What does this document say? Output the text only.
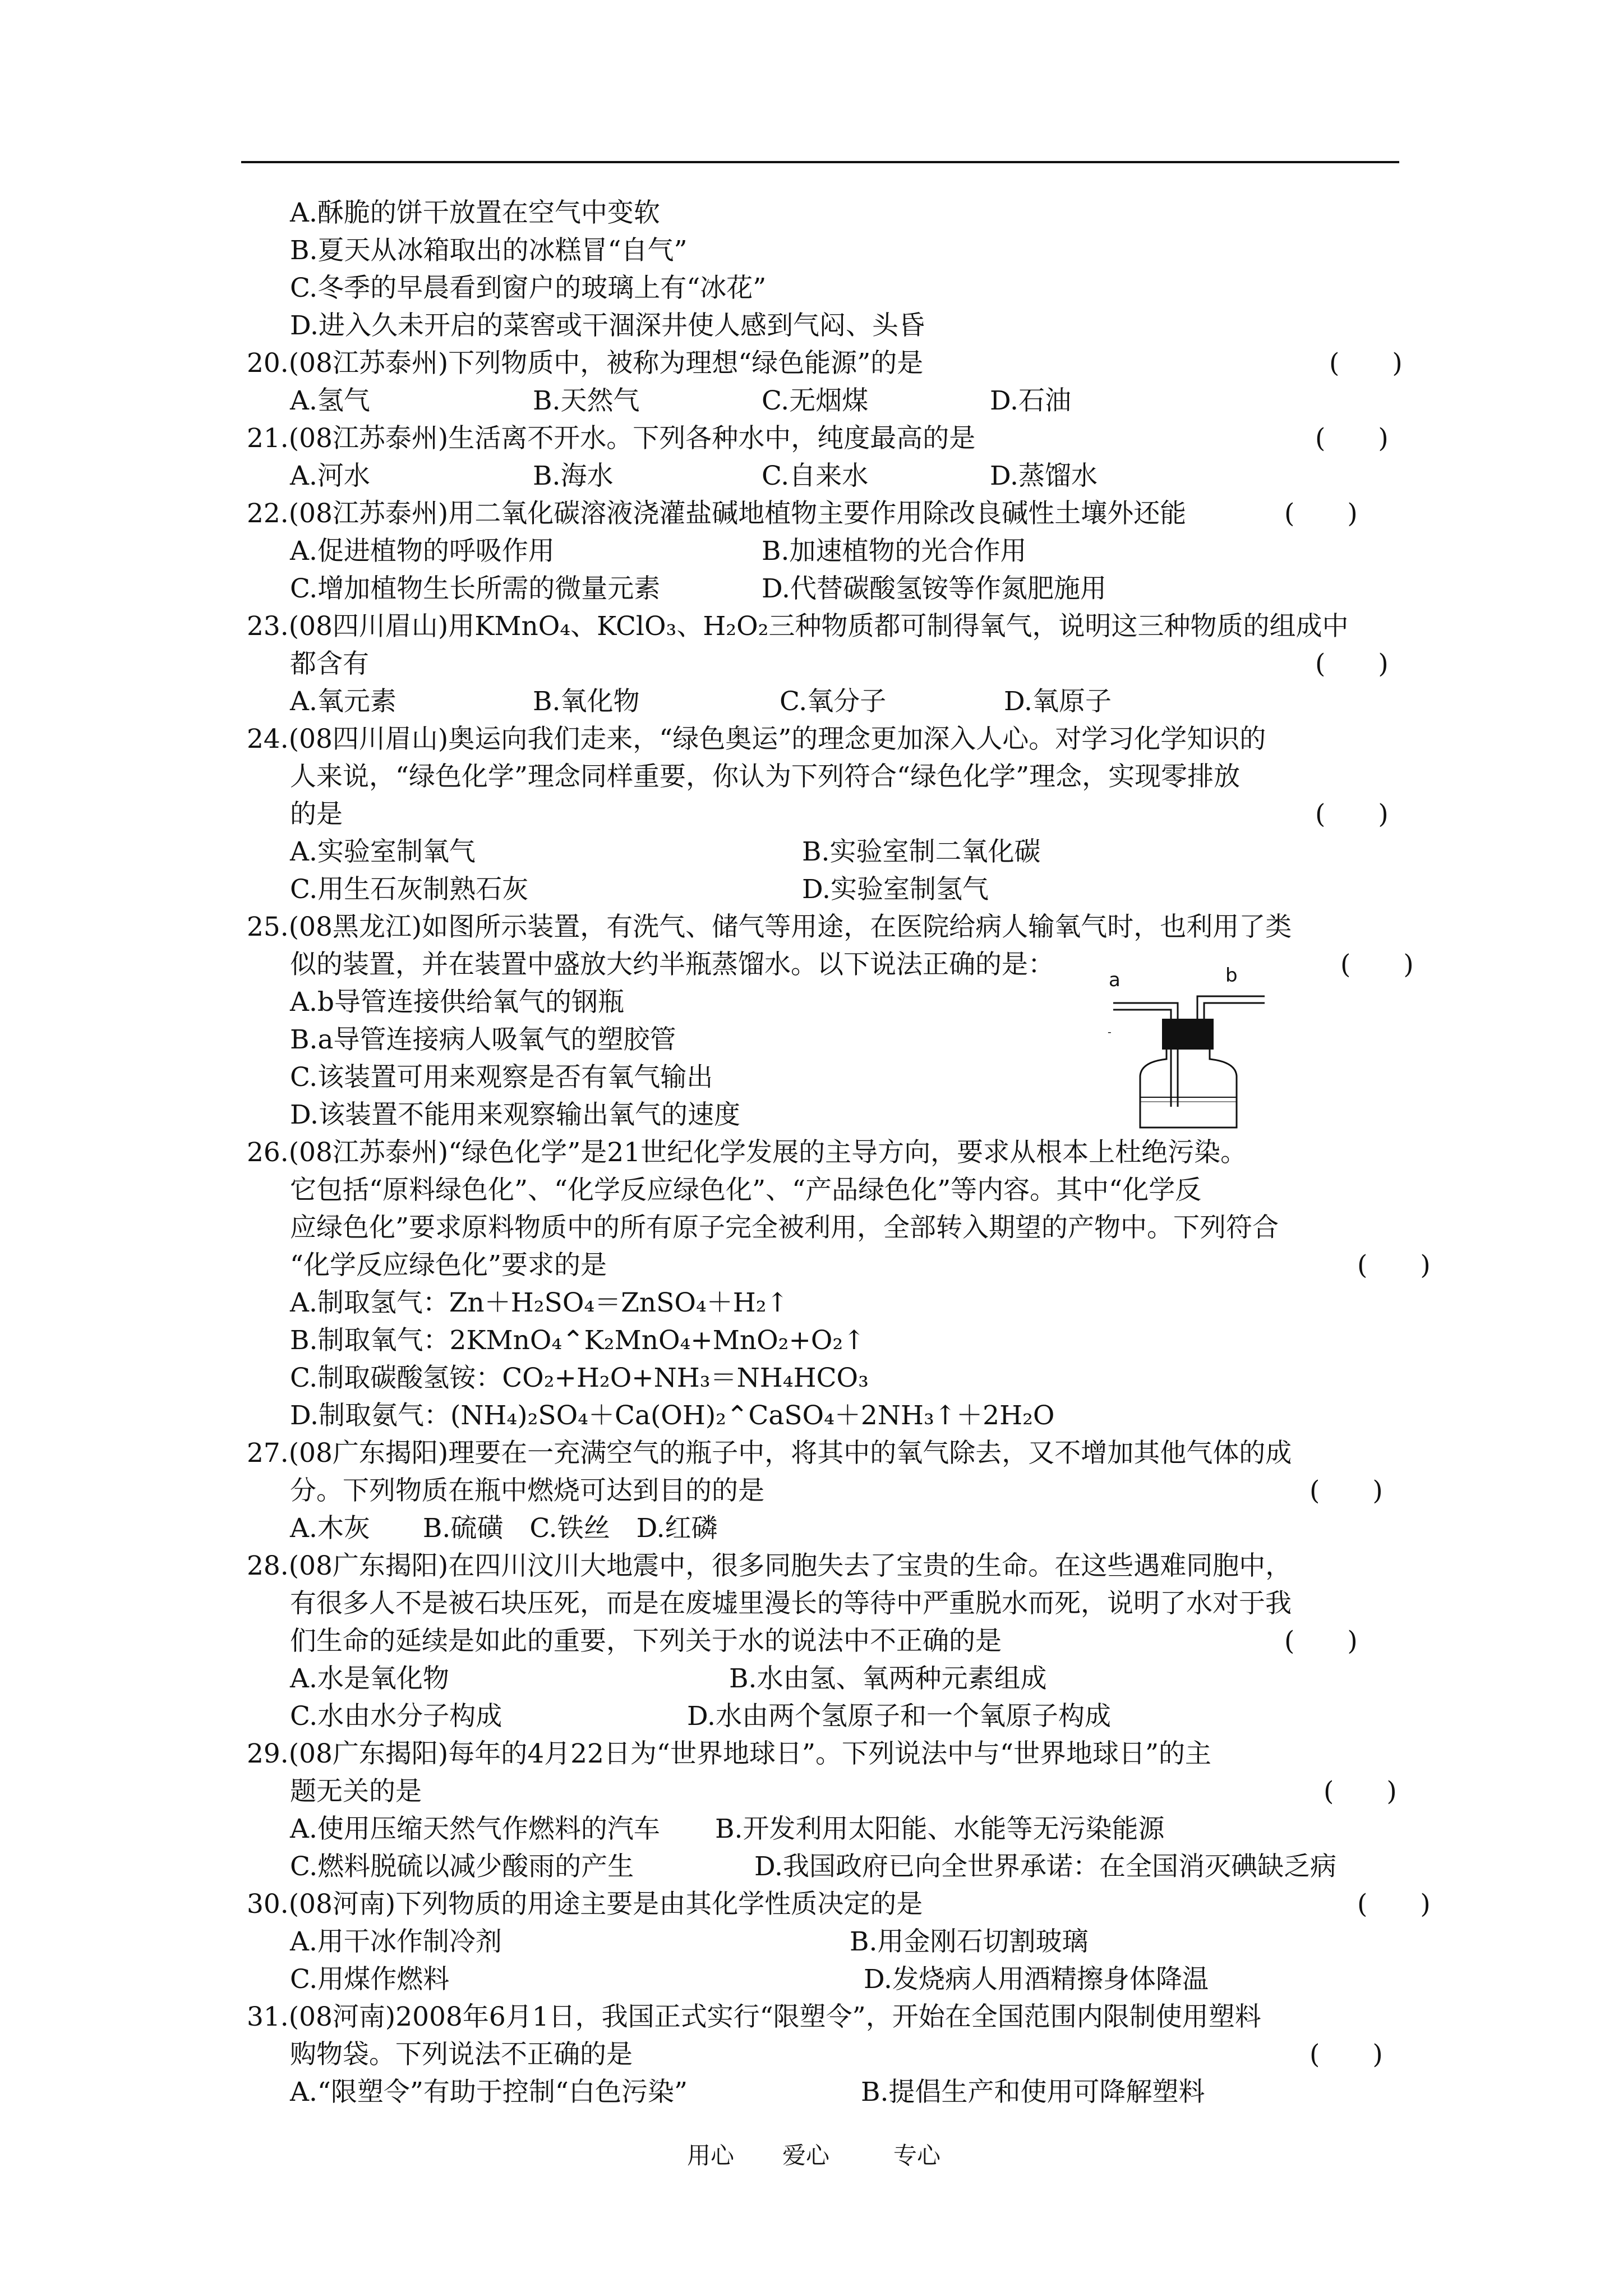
A.酥脆的饼干放置在空气中变软
B.夏天从冰箱取出的冰糕冒“自气”
C.冬季的早晨看到窗户的玻璃上有“冰花”
D.进入久未开启的菜窖或干涸深井使人感到气闷、头昏
20.(08江苏泰州)下列物质中，被称为理想“绿色能源”的是	(　　)
A.氢气	B.天然气	C.无烟煤	D.石油
21.(08江苏泰州)生活离不开水。下列各种水中，纯度最高的是	(　　)
A.河水	B.海水	C.自来水	D.蒸馏水
22.(08江苏泰州)用二氧化碳溶液浇灌盐碱地植物主要作用除改良碱性土壤外还能	(　　)
A.促进植物的呼吸作用	B.加速植物的光合作用
C.增加植物生长所需的微量元素	D.代替碳酸氢铵等作氮肥施用
23.(08四川眉山)用KMnO₄、KClO₃、H₂O₂三种物质都可制得氧气，说明这三种物质的组成中
都含有	(　　)
A.氧元素	B.氧化物	C.氧分子	D.氧原子
24.(08四川眉山)奥运向我们走来，“绿色奥运”的理念更加深入人心。对学习化学知识的
人来说，“绿色化学”理念同样重要，你认为下列符合“绿色化学”理念，实现零排放
的是	(　　)
A.实验室制氧气	B.实验室制二氧化碳
C.用生石灰制熟石灰	D.实验室制氢气
25.(08黑龙江)如图所示装置，有洗气、储气等用途，在医院给病人输氧气时，也利用了类
似的装置，并在装置中盛放大约半瓶蒸馏水。以下说法正确的是：	(　　)
A.b导管连接供给氧气的钢瓶
B.a导管连接病人吸氧气的塑胶管
C.该装置可用来观察是否有氧气输出
D.该装置不能用来观察输出氧气的速度
a	b
-
26.(08江苏泰州)“绿色化学”是21世纪化学发展的主导方向，要求从根本上杜绝污染。
它包括“原料绿色化”、“化学反应绿色化”、“产品绿色化”等内容。其中“化学反
应绿色化”要求原料物质中的所有原子完全被利用，全部转入期望的产物中。下列符合
“化学反应绿色化”要求的是	(　　)
A.制取氢气：Zn＋H₂SO₄＝ZnSO₄＋H₂↑
B.制取氧气：2KMnO₄⌃K₂MnO₄+MnO₂+O₂↑
C.制取碳酸氢铵：CO₂+H₂O+NH₃＝NH₄HCO₃
D.制取氨气：(NH₄)₂SO₄＋Ca(OH)₂⌃CaSO₄＋2NH₃↑＋2H₂O
27.(08广东揭阳)理要在一充满空气的瓶子中，将其中的氧气除去，又不增加其他气体的成
分。下列物质在瓶中燃烧可达到目的的是	(　　)
A.木灰　　B.硫磺　C.铁丝　D.红磷
28.(08广东揭阳)在四川汶川大地震中，很多同胞失去了宝贵的生命。在这些遇难同胞中，
有很多人不是被石块压死，而是在废墟里漫长的等待中严重脱水而死，说明了水对于我
们生命的延续是如此的重要，下列关于水的说法中不正确的是	(　　)
A.水是氧化物	B.水由氢、氧两种元素组成
C.水由水分子构成	D.水由两个氢原子和一个氧原子构成
29.(08广东揭阳)每年的4月22日为“世界地球日”。下列说法中与“世界地球日”的主
题无关的是	(　　)
A.使用压缩天然气作燃料的汽车 B.开发利用太阳能、水能等无污染能源
C.燃料脱硫以减少酸雨的产生	D.我国政府已向全世界承诺：在全国消灭碘缺乏病
30.(08河南)下列物质的用途主要是由其化学性质决定的是	(　　)
A.用干冰作制冷剂	B.用金刚石切割玻璃
C.用煤作燃料	D.发烧病人用酒精擦身体降温
31.(08河南)2008年6月1日，我国正式实行“限塑令”，开始在全国范围内限制使用塑料
购物袋。下列说法不正确的是	(　　)
A.“限塑令”有助于控制“白色污染”	B.提倡生产和使用可降解塑料
用心 爱心	专心
